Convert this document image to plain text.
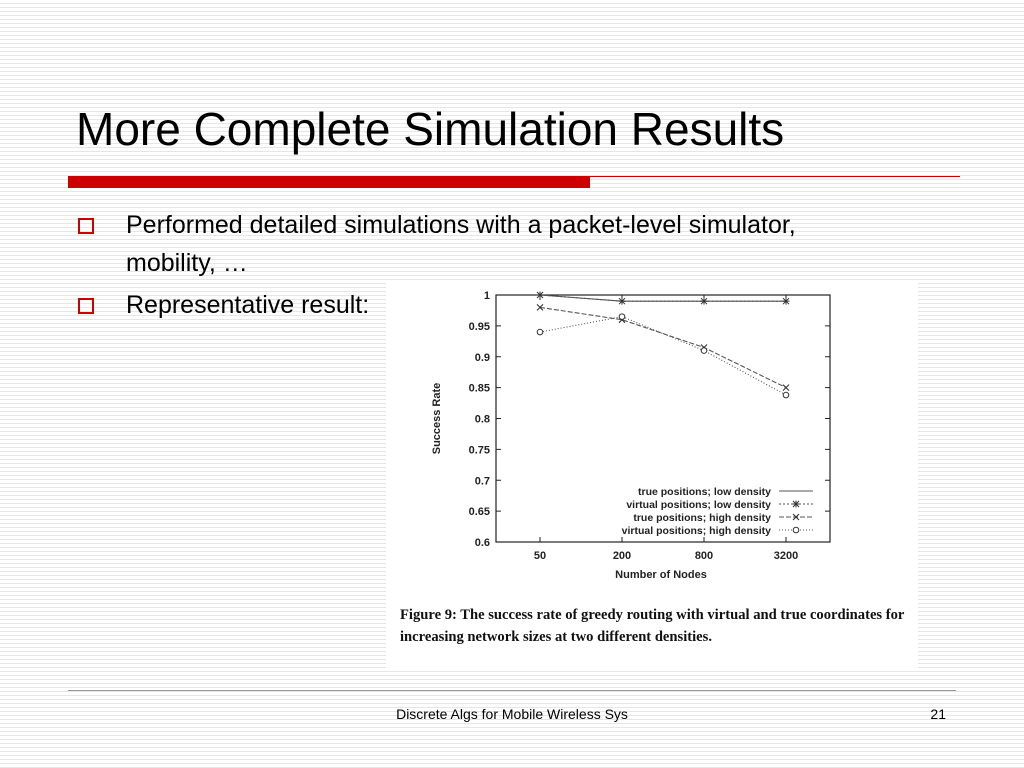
More Complete Simulation Results
Performed detailed simulations with a packet-level simulator, mobility, …
Representative result:
0.6
0.65
0.7
0.75
0.8
0.85
0.9
0.95
1
50	200	800	3200
Number of Nodes
Success Rate
true positions; low density
virtual positions; low density
true positions; high density
virtual positions; high density

Figure 9: The success rate of greedy routing with virtual and true coordinates for increasing network sizes at two different densities.

Discrete Algs for Mobile Wireless Sys	21
